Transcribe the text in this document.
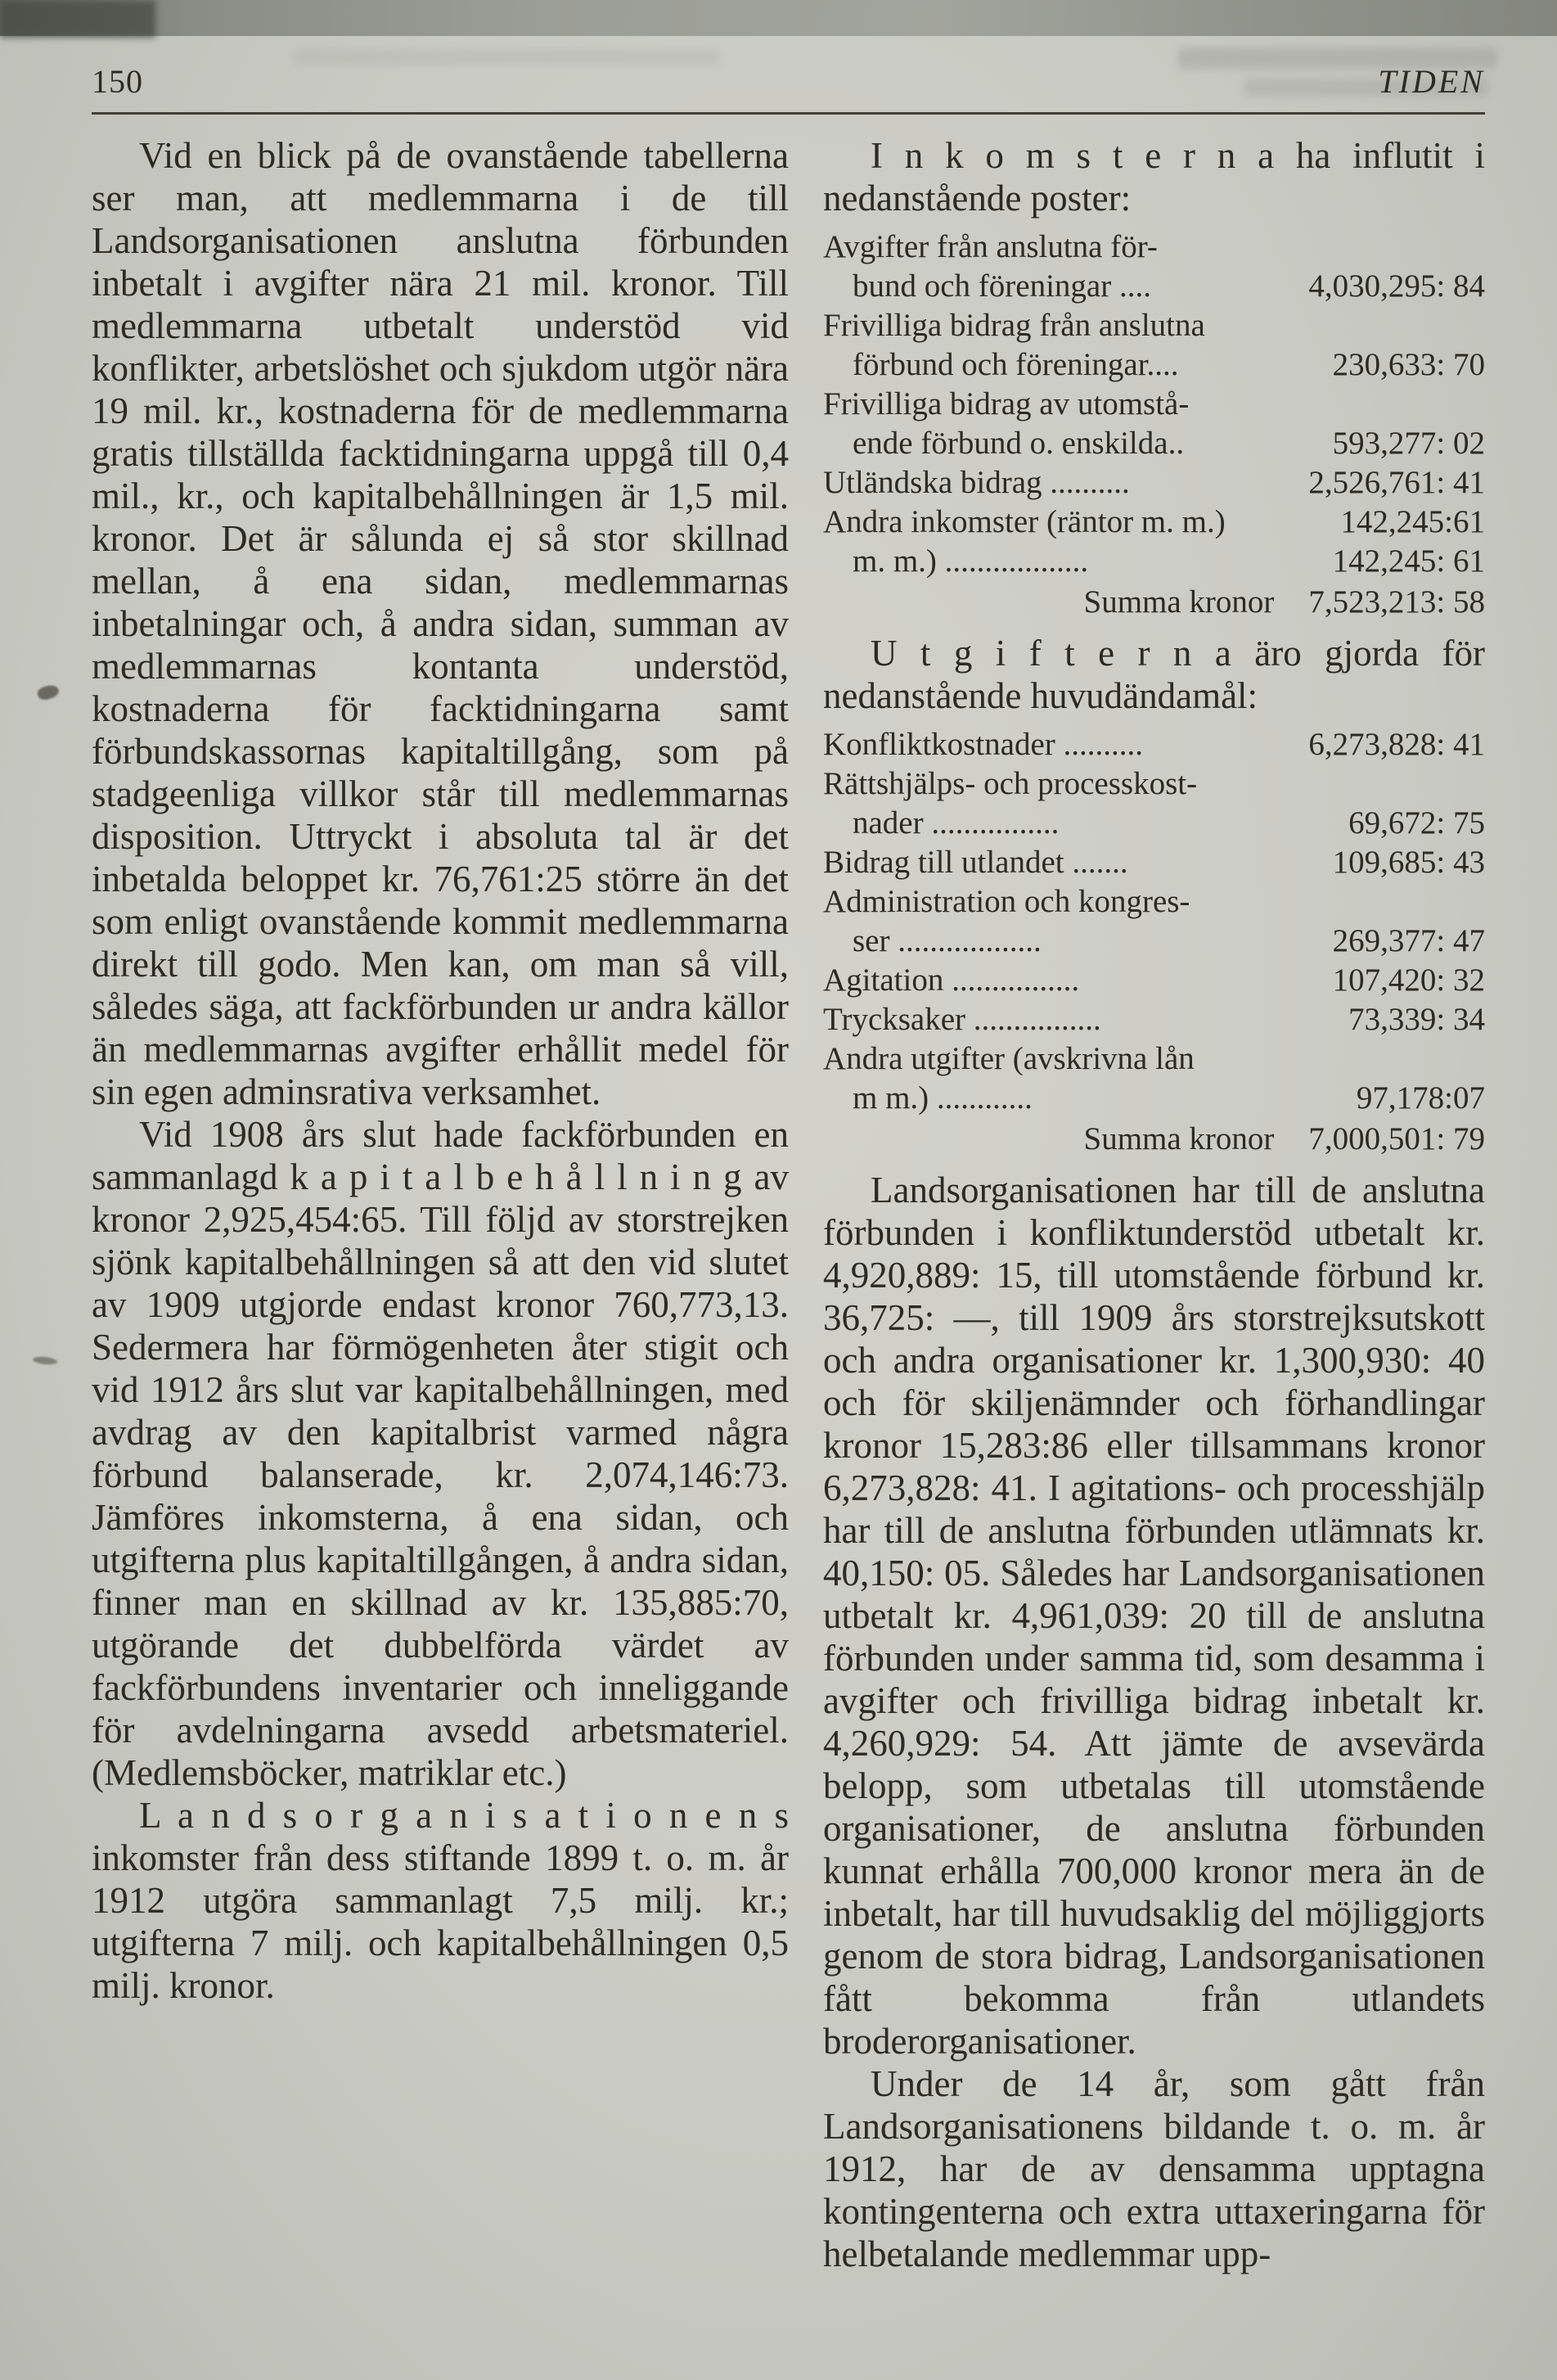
150	TIDEN

Vid en blick på de ovanstående tabellerna ser man, att medlemmarna i de till Landsorganisationen anslutna förbunden inbetalt i avgifter nära 21 mil. kronor. Till medlemmarna utbetalt understöd vid konflikter, arbetslöshet och sjukdom utgör nära 19 mil. kr., kostnaderna för de medlemmarna gratis tillställda facktidningarna uppgå till 0,4 mil., kr., och kapitalbehållningen är 1,5 mil. kronor. Det är sålunda ej så stor skillnad mellan, å ena sidan, medlemmarnas inbetalningar och, å andra sidan, summan av medlemmarnas kontanta understöd, kostnaderna för facktidningarna samt förbundskassornas kapitaltillgång, som på stadgeenliga villkor står till medlemmarnas disposition. Uttryckt i absoluta tal är det inbetalda beloppet kr. 76,761:25 större än det som enligt ovanstående kommit medlemmarna direkt till godo. Men kan, om man så vill, således säga, att fackförbunden ur andra källor än medlemmarnas avgifter erhållit medel för sin egen adminsrativa verksamhet.

Vid 1908 års slut hade fackförbunden en sammanlagd k a p i t a l b e h å l l n i n g av kronor 2,925,454:65. Till följd av storstrejken sjönk kapitalbehållningen så att den vid slutet av 1909 utgjorde endast kronor 760,773,13. Sedermera har förmögenheten åter stigit och vid 1912 års slut var kapitalbehållningen, med avdrag av den kapitalbrist varmed några förbund balanserade, kr. 2,074,146:73. Jämföres inkomsterna, å ena sidan, och utgifterna plus kapitaltillgången, å andra sidan, finner man en skillnad av kr. 135,885:70, utgörande det dubbelförda värdet av fackförbundens inventarier och inneliggande för avdelningarna avsedd arbetsmateriel. (Medlemsböcker, matriklar etc.)

L a n d s o r g a n i s a t i o n e n s inkomster från dess stiftande 1899 t. o. m. år 1912 utgöra sammanlagt 7,5 milj. kr.; utgifterna 7 milj. och kapitalbehållningen 0,5 milj. kronor.

I n k o m s t e r n a ha influtit i nedanstående poster:

Avgifter från anslutna för-
bund och föreningar ....	4,030,295: 84
Frivilliga bidrag från anslutna
förbund och föreningar....	230,633: 70
Frivilliga bidrag av utomstå-
ende förbund o. enskilda..	593,277: 02
Utländska bidrag ..........	2,526,761: 41
Andra inkomster (räntor m. m.)	142,245:61
m. m.) ..................	142,245: 61
Summa kronor	7,523,213: 58

U t g i f t e r n a äro gjorda för nedanstående huvudändamål:

Konfliktkostnader ..........	6,273,828: 41
Rättshjälps- och processkost-
nader ................	69,672: 75
Bidrag till utlandet .......	109,685: 43
Administration och kongres-
ser ..................	269,377: 47
Agitation ................	107,420: 32
Trycksaker ................	73,339: 34
Andra utgifter (avskrivna lån
m m.) ............	97,178:07
Summa kronor	7,000,501: 79

Landsorganisationen har till de anslutna förbunden i konfliktunderstöd utbetalt kr. 4,920,889: 15, till utomstående förbund kr. 36,725: —, till 1909 års storstrejksutskott och andra organisationer kr. 1,300,930: 40 och för skiljenämnder och förhandlingar kronor 15,283:86 eller tillsammans kronor 6,273,828: 41. I agitations- och processhjälp har till de anslutna förbunden utlämnats kr. 40,150: 05. Således har Landsorganisationen utbetalt kr. 4,961,039: 20 till de anslutna förbunden under samma tid, som desamma i avgifter och frivilliga bidrag inbetalt kr. 4,260,929: 54. Att jämte de avsevärda belopp, som utbetalas till utomstående organisationer, de anslutna förbunden kunnat erhålla 700,000 kronor mera än de inbetalt, har till huvudsaklig del möjliggjorts genom de stora bidrag, Landsorganisationen fått bekomma från utlandets broderorganisationer.

Under de 14 år, som gått från Landsorganisationens bildande t. o. m. år 1912, har de av densamma upptagna kontingenterna och extra uttaxeringarna för helbetalande medlemmar upp-
